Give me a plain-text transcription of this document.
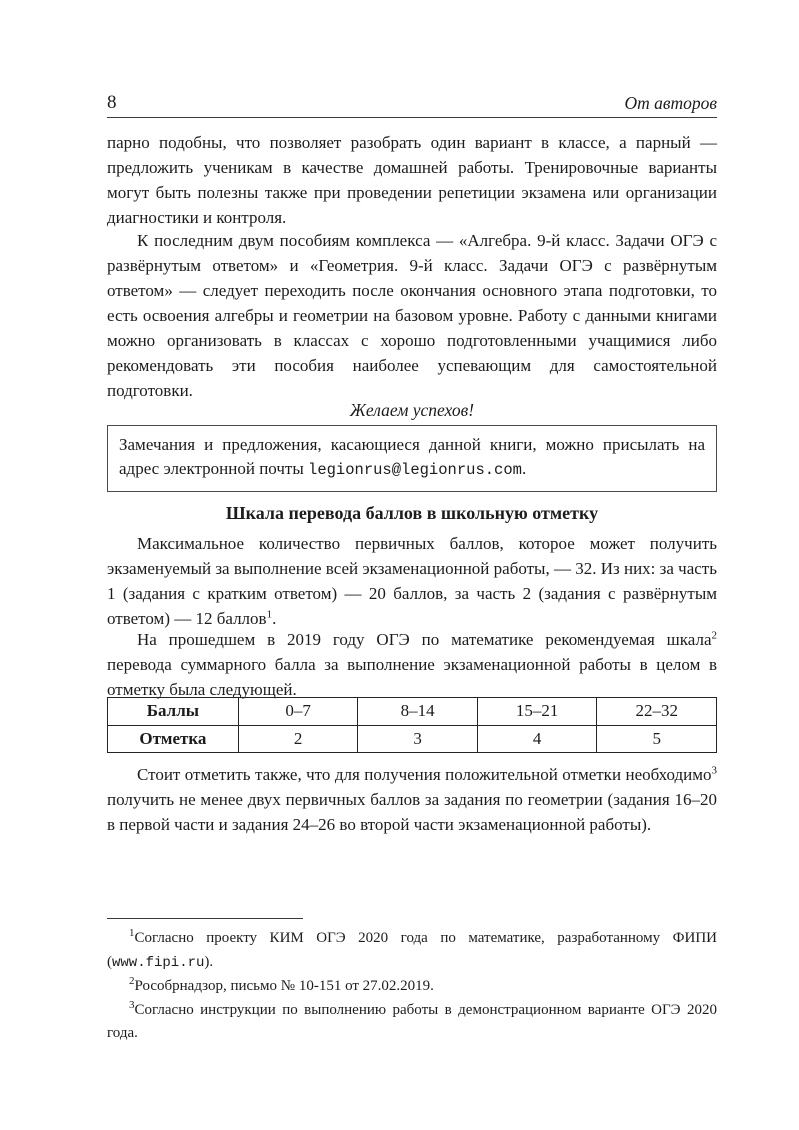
8	От авторов

парно подобны, что позволяет разобрать один вариант в классе, а парный — предложить ученикам в качестве домашней работы. Тренировочные варианты могут быть полезны также при проведении репетиции экзамена или организации диагностики и контроля.

К последним двум пособиям комплекса — «Алгебра. 9-й класс. Задачи ОГЭ с развёрнутым ответом» и «Геометрия. 9-й класс. Задачи ОГЭ с развёрнутым ответом» — следует переходить после окончания основного этапа подготовки, то есть освоения алгебры и геометрии на базовом уровне. Работу с данными книгами можно организовать в классах с хорошо подготовленными учащимися либо рекомендовать эти пособия наиболее успевающим для самостоятельной подготовки.

Желаем успехов!

Замечания и предложения, касающиеся данной книги, можно присылать на адрес электронной почты legionrus@legionrus.com.
Шкала перевода баллов в школьную отметку

Максимальное количество первичных баллов, которое может получить экзаменуемый за выполнение всей экзаменационной работы, — 32. Из них: за часть 1 (задания с кратким ответом) — 20 баллов, за часть 2 (задания с развёрнутым ответом) — 12 баллов$^1$.

На прошедшем в 2019 году ОГЭ по математике рекомендуемая шкала$^2$ перевода суммарного балла за выполнение экзаменационной работы в целом в отметку была следующей.

Баллы	0–7	8–14	15–21	22–32
Отметка	2	3	4	5

Стоит отметить также, что для получения положительной отметки необходимо$^3$ получить не менее двух первичных баллов за задания по геометрии (задания 16–20 в первой части и задания 24–26 во второй части экзаменационной работы).

$^1$Согласно проекту КИМ ОГЭ 2020 года по математике, разработанному ФИПИ (www.fipi.ru).

$^2$Рособрнадзор, письмо № 10-151 от 27.02.2019.

$^3$Согласно инструкции по выполнению работы в демонстрационном варианте ОГЭ 2020 года.
